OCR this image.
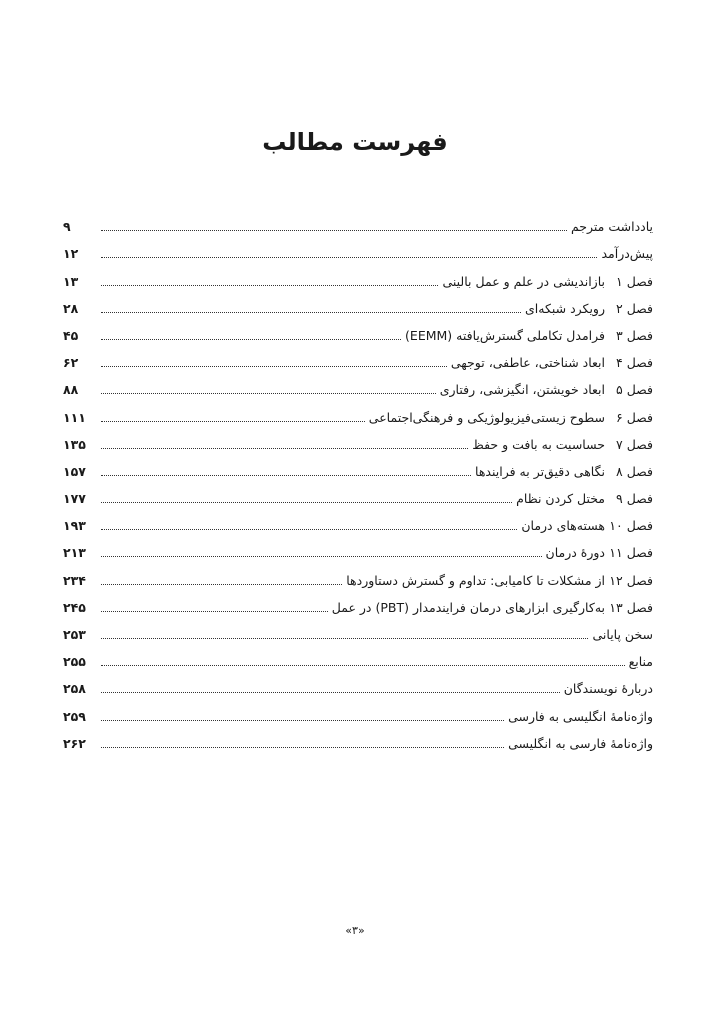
فهرست مطالب
یادداشت مترجم
۹
پیش‌درآمد
۱۲
فصل ۱
بازاندیشی در علم و عمل بالینی
۱۳
فصل ۲
رویکرد شبکه‌ای
۲۸
فصل ۳
فرامدل تکاملی گسترش‌یافته (EEMM)
۴۵
فصل ۴
ابعاد شناختی، عاطفی، توجهی
۶۲
فصل ۵
ابعاد خویشتن، انگیزشی، رفتاری
۸۸
فصل ۶
سطوح زیستی‌فیزیولوژیکی و فرهنگی‌اجتماعی
۱۱۱
فصل ۷
حساسیت به بافت و حفظ
۱۳۵
فصل ۸
نگاهی دقیق‌تر به فرایندها
۱۵۷
فصل ۹
مختل کردن نظام
۱۷۷
فصل ۱۰
هسته‌های درمان
۱۹۳
فصل ۱۱
دورهٔ درمان
۲۱۳
فصل ۱۲
از مشکلات تا کامیابی: تداوم و گسترش دستاوردها
۲۳۴
فصل ۱۳
به‌کارگیری ابزارهای درمان فرایندمدار (PBT) در عمل
۲۴۵
سخن پایانی
۲۵۳
منابع
۲۵۵
دربارهٔ نویسندگان
۲۵۸
واژه‌نامهٔ انگلیسی به فارسی
۲۵۹
واژه‌نامهٔ فارسی به انگلیسی
۲۶۲
«۳»
